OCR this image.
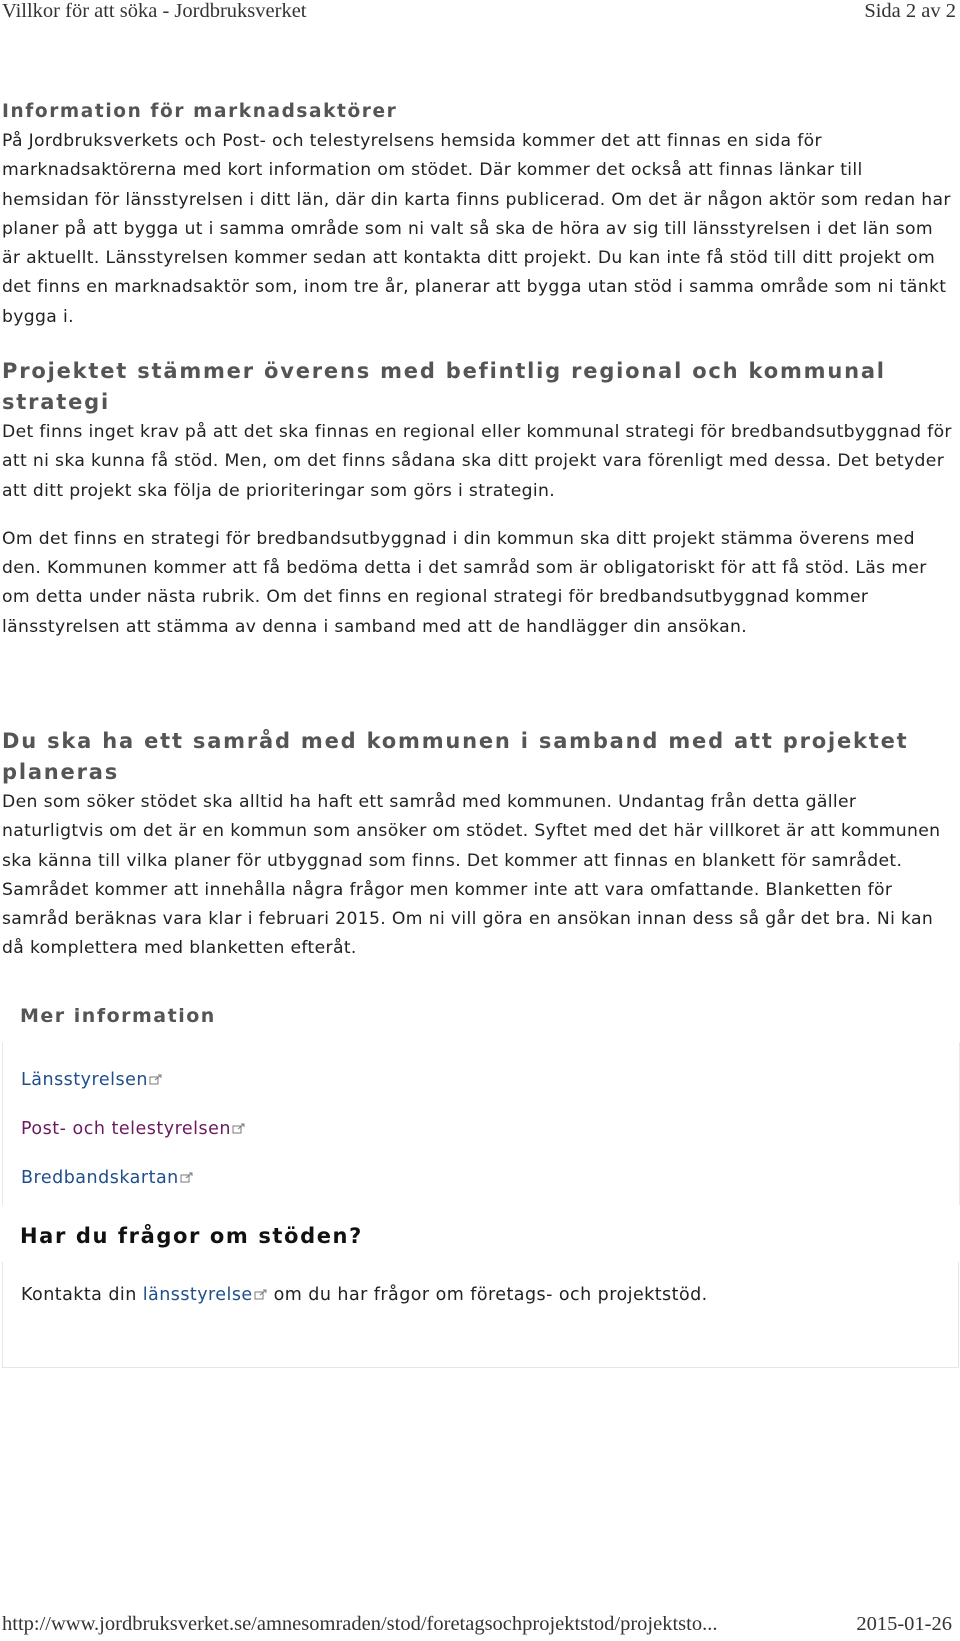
Villkor för att söka - Jordbruksverket	Sida 2 av 2
Information för marknadsaktörer

På Jordbruksverkets och Post- och telestyrelsens hemsida kommer det att finnas en sida för marknadsaktörerna med kort information om stödet. Där kommer det också att finnas länkar till hemsidan för länsstyrelsen i ditt län, där din karta finns publicerad. Om det är någon aktör som redan har planer på att bygga ut i samma område som ni valt så ska de höra av sig till länsstyrelsen i det län som är aktuellt. Länsstyrelsen kommer sedan att kontakta ditt projekt. Du kan inte få stöd till ditt projekt om det finns en marknadsaktör som, inom tre år, planerar att bygga utan stöd i samma område som ni tänkt bygga i.

Projektet stämmer överens med befintlig regional och kommunal strategi

Det finns inget krav på att det ska finnas en regional eller kommunal strategi för bredbandsutbyggnad för att ni ska kunna få stöd. Men, om det finns sådana ska ditt projekt vara förenligt med dessa. Det betyder att ditt projekt ska följa de prioriteringar som görs i strategin.

Om det finns en strategi för bredbandsutbyggnad i din kommun ska ditt projekt stämma överens med den. Kommunen kommer att få bedöma detta i det samråd som är obligatoriskt för att få stöd. Läs mer om detta under nästa rubrik. Om det finns en regional strategi för bredbandsutbyggnad kommer länsstyrelsen att stämma av denna i samband med att de handlägger din ansökan.

Du ska ha ett samråd med kommunen i samband med att projektet planeras

Den som söker stödet ska alltid ha haft ett samråd med kommunen. Undantag från detta gäller naturligtvis om det är en kommun som ansöker om stödet. Syftet med det här villkoret är att kommunen ska känna till vilka planer för utbyggnad som finns. Det kommer att finnas en blankett för samrådet. Samrådet kommer att innehålla några frågor men kommer inte att vara omfattande. Blanketten för samråd beräknas vara klar i februari 2015. Om ni vill göra en ansökan innan dess så går det bra. Ni kan då komplettera med blanketten efteråt.

Mer information
Länsstyrelsen
Post- och telestyrelsen
Bredbandskartan
Har du frågor om stöden?
Kontakta din länsstyrelse om du har frågor om företags- och projektstöd.
http://www.jordbruksverket.se/amnesomraden/stod/foretagsochprojektstod/projektsto...	2015-01-26
